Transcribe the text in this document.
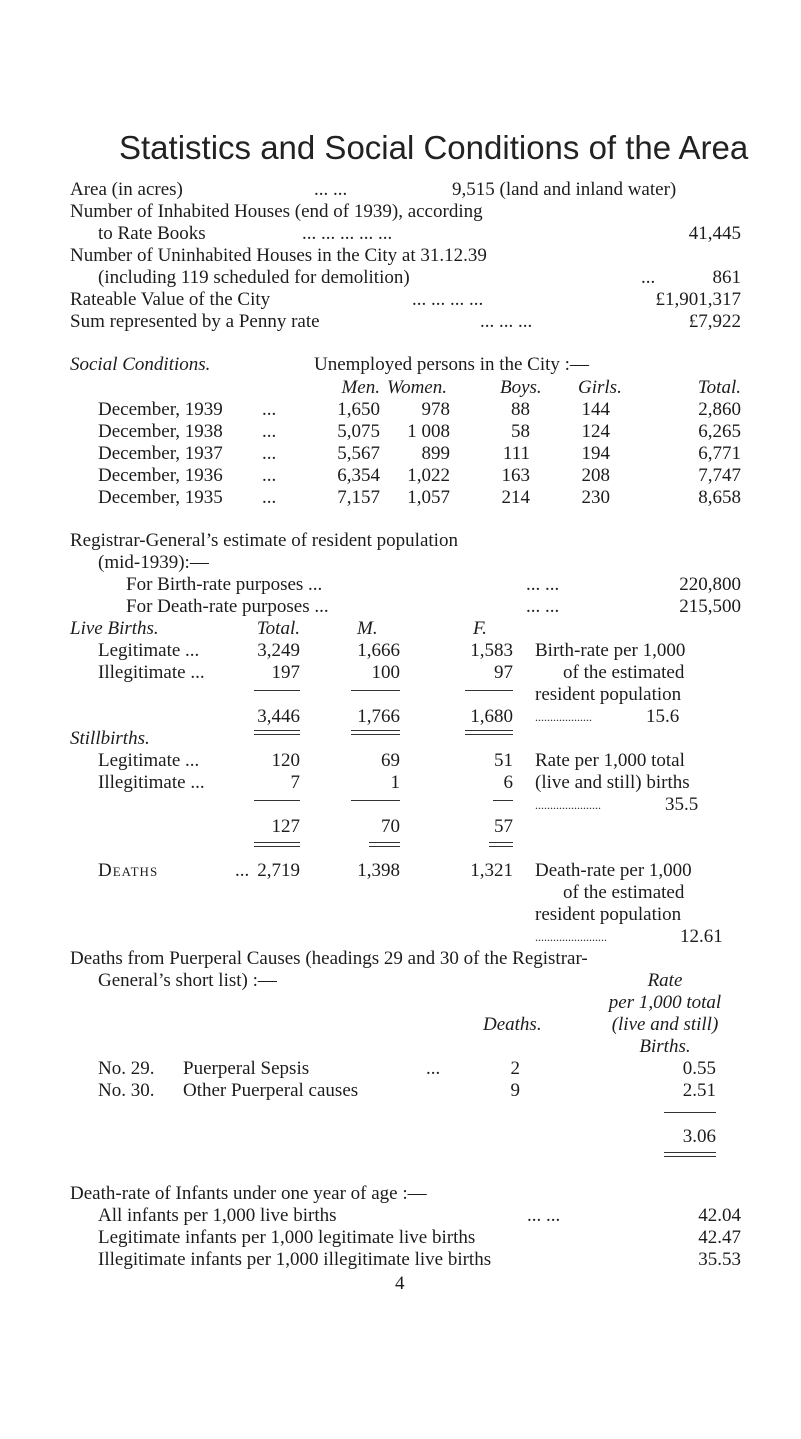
Statistics and Social Conditions of the Area
Area (in acres)	... ...	9,515 (land and inland water)
Number of Inhabited Houses (end of 1939), according
to Rate Books	... ... ... ... ...	41,445
Number of Uninhabited Houses in the City at 31.12.39
(including 119 scheduled for demolition)	...	861
Rateable Value of the City	... ... ... ...	£1,901,317
Sum represented by a Penny rate	... ... ...	£7,922
Social Conditions.	Unemployed persons in the City :—
Men. Women.	Boys. Girls.	Total.
December, 1939 ...	1,650	978	88	144	2,860
December, 1938 ...	5,075	1 008	58	124	6,265
December, 1937 ...	5,567	899	111	194	6,771
December, 1936 ...	6,354	1,022	163	208	7,747
December, 1935 ...	7,157	1,057	214	230	8,658
Registrar-General’s estimate of resident population
(mid-1939):—
For Birth-rate purposes ...	... ...	220,800
For Death-rate purposes ...	... ...	215,500
Live Births.	Total.	M.	F.
Legitimate ...	3,249	1,666	1,583 Birth-rate per 1,000
Illegitimate ...	197	100	97	of the estimated
resident population
3,446	1,766	1,680 ...................	15.6
Stillbirths.
Legitimate ...	120	69	51 Rate per 1,000 total
Illegitimate ...	7	1	6 (live and still) births
......................	35.5
127	70	57
Deaths	... 2,719	1,398	1,321 Death-rate per 1,000
of the estimated
resident population
........................	12.61
Deaths from Puerperal Causes (headings 29 and 30 of the Registrar-
General’s short list) :—	Rate
per 1,000 total
Deaths.	(live and still)
Births.
No. 29. Puerperal Sepsis	...	2	0.55
No. 30. Other Puerperal causes	9	2.51
3.06
Death-rate of Infants under one year of age :—
All infants per 1,000 live births	... ...	42.04
Legitimate infants per 1,000 legitimate live births	42.47
Illegitimate infants per 1,000 illegitimate live births	35.53
4
